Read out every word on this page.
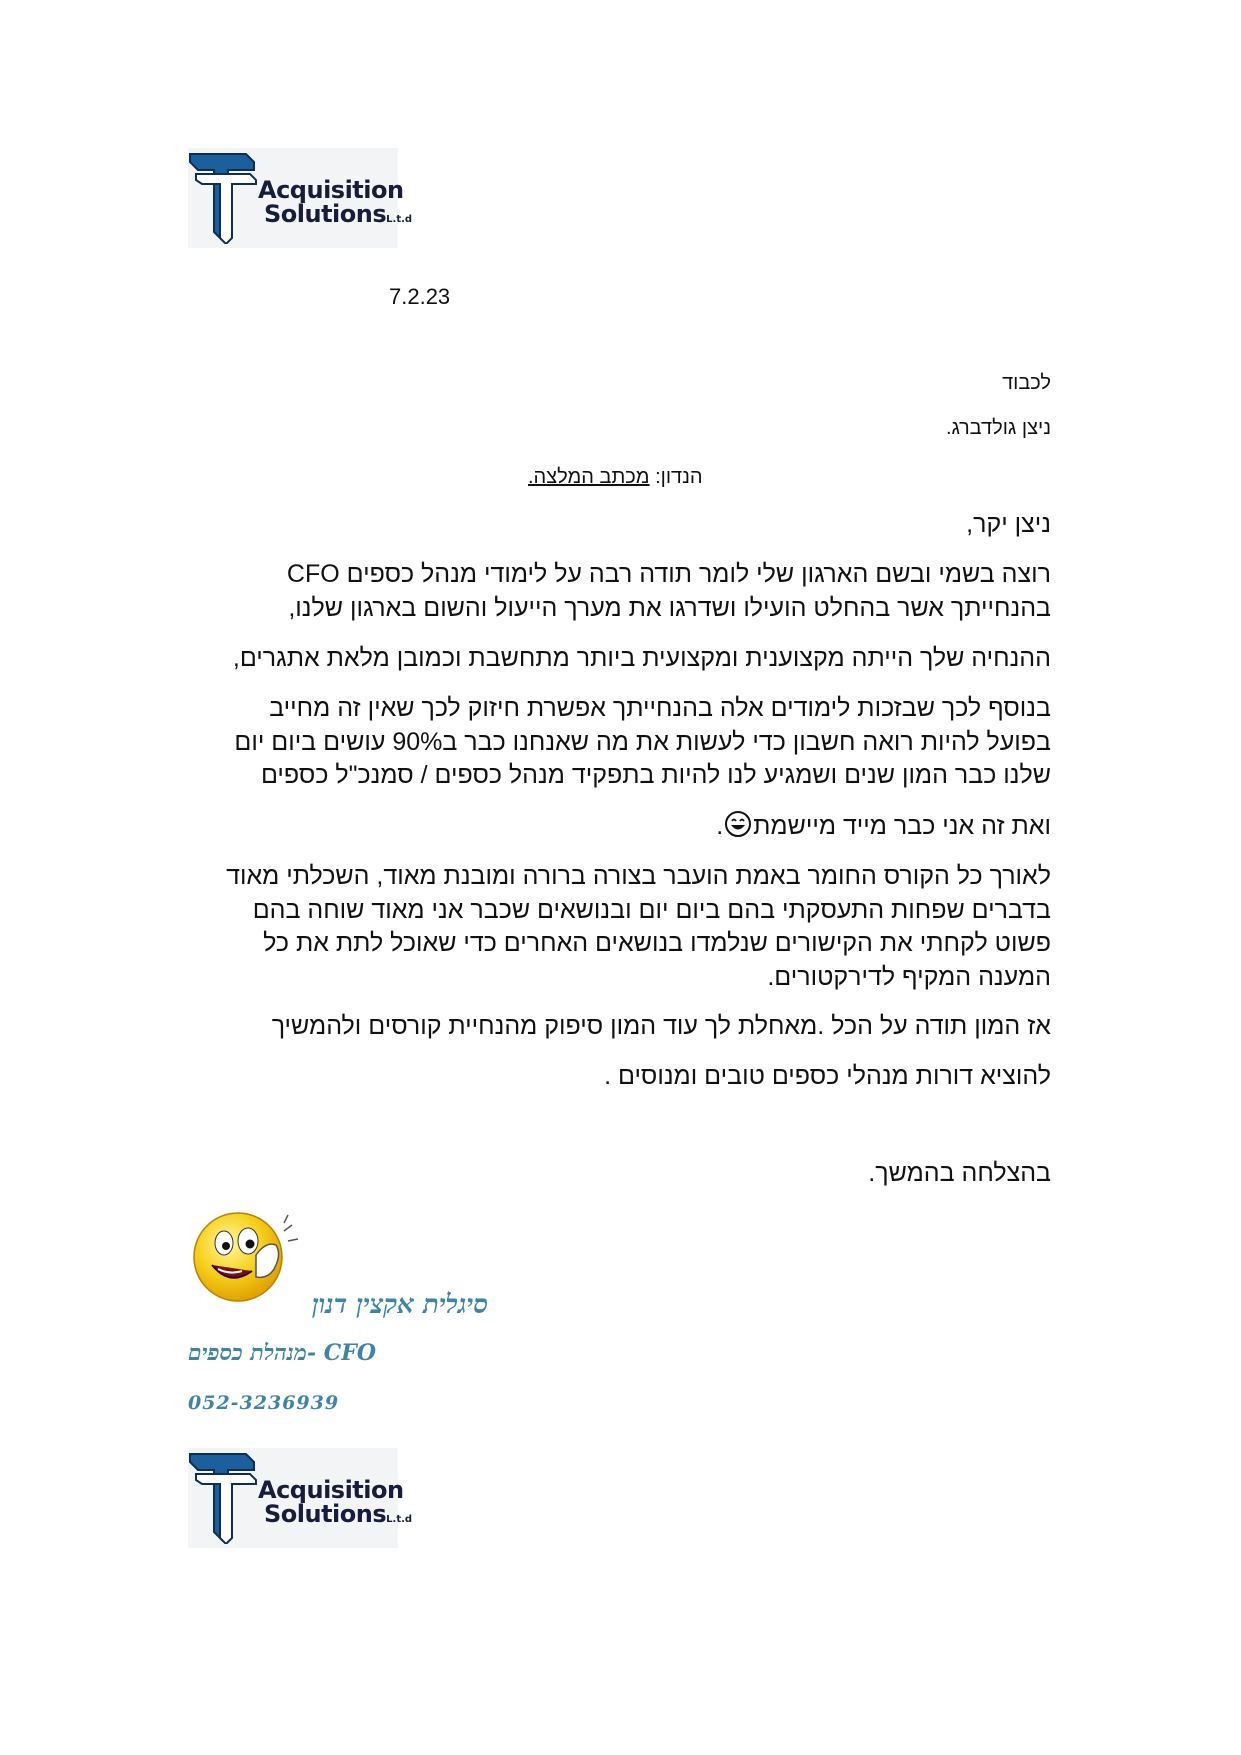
Acquisition
SolutionsL.t.d
7.2.23
לכבוד
ניצן גולדברג.
הנדון: מכתב המלצה.
ניצן יקר,
רוצה בשמי ובשם הארגון שלי לומר תודה רבה על לימודי מנהל כספים CFO
בהנחייתך אשר בהחלט הועילו ושדרגו את מערך הייעול והשום בארגון שלנו,
ההנחיה שלך הייתה מקצוענית ומקצועית ביותר מתחשבת וכמובן מלאת אתגרים,
בנוסף לכך שבזכות לימודים אלה בהנחייתך אפשרת חיזוק לכך שאין זה מחייב
בפועל להיות רואה חשבון כדי לעשות את מה שאנחנו כבר ב90% עושים ביום יום
שלנו כבר המון שנים ושמגיע לנו להיות בתפקיד מנהל כספים / סמנכ"ל כספים
ואת זה אני כבר מייד מיישמת.
לאורך כל הקורס החומר באמת הועבר בצורה ברורה ומובנת מאוד, השכלתי מאוד
בדברים שפחות התעסקתי בהם ביום יום ובנושאים שכבר אני מאוד שוחה בהם
פשוט לקחתי את הקישורים שנלמדו בנושאים האחרים כדי שאוכל לתת את כל
המענה המקיף לדירקטורים.
אז המון תודה על הכל .מאחלת לך עוד המון סיפוק מהנחיית קורסים ולהמשיך
להוציא דורות מנהלי כספים טובים ומנוסים .
בהצלחה בהמשך.
סיגלית אקצין דנון
מנהלת כספים- CFO
052-3236939
Acquisition
SolutionsL.t.d
